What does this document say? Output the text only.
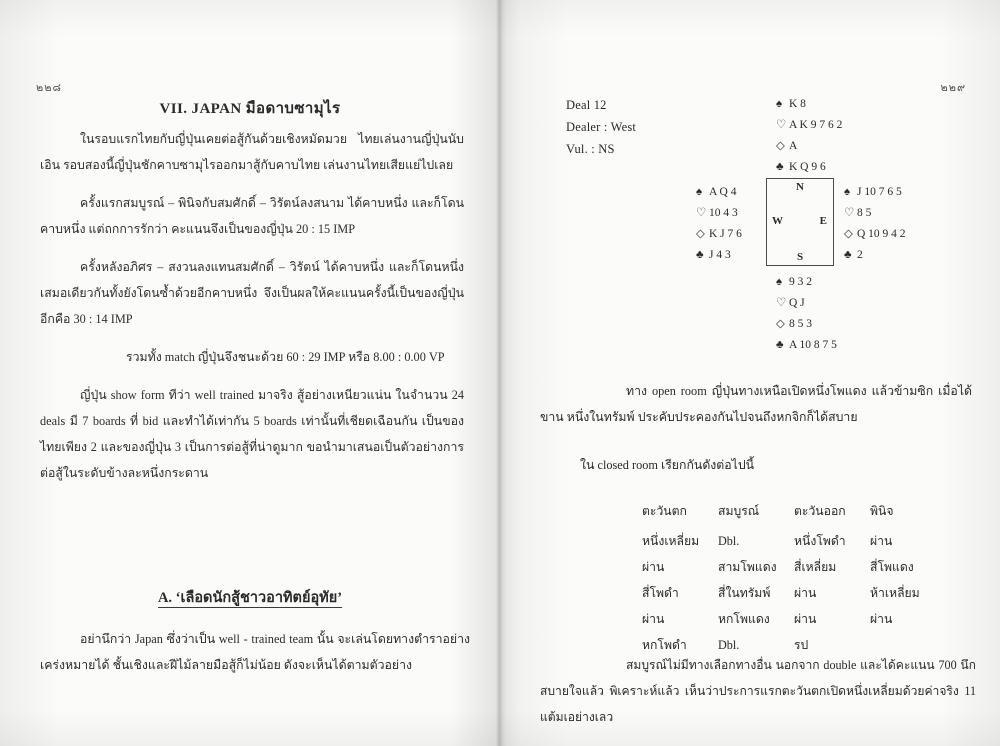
๒๒๘
VII. JAPAN มือดาบซามุไร

ในรอบแรกไทยกับญี่ปุ่นเคยต่อสู้กันด้วยเชิงหมัดมวย ไทยเล่นงานญี่ปุ่นนับเอิน รอบสองนี้ญี่ปุ่นชักคาบซามุไรออกมาสู้กับคาบไทย เล่นงานไทยเสียแย่ไปเลย

ครั้งแรกสมบูรณ์ – พินิจกับสมศักดิ์ – วิรัตน์ลงสนาม ได้คาบหนึ่ง และก็โดนคาบหนึ่ง แต่ถกการรักว่า คะแนนจึงเป็นของญี่ปุ่น 20 : 15 IMP

ครั้งหลังอภิศร – สงวนลงแทนสมศักดิ์ – วิรัตน์ ได้คาบหนึ่ง และก็โดนหนึ่งเสมอเดียวกันทั้งยังโดนซ้ำด้วยอีกคาบหนึ่ง จึงเป็นผลให้คะแนนครั้งนี้เป็นของญี่ปุ่นอีกคือ 30 : 14 IMP

รวมทั้ง match ญี่ปุ่นจึงชนะด้วย 60 : 29 IMP หรือ 8.00 : 0.00 VP

ญี่ปุ่น show form ทีว่า well trained มาจริง สู้อย่างเหนียวแน่น ในจำนวน 24 deals มี 7 boards ที่ bid และทำได้เท่ากัน 5 boards เท่านั้นที่เชียดเฉือนกัน เป็นของไทยเพียง 2 และของญี่ปุ่น 3 เป็นการต่อสู้ที่น่าดูมาก ขอนำมาเสนอเป็นตัวอย่างการต่อสู้ในระดับข้างละหนึ่งกระดาน

A. ‘เลือดนักสู้ชาวอาทิตย์อุทัย’

อย่านึกว่า Japan ซึ่งว่าเป็น well - trained team นั้น จะเล่นโดยทางตำราอย่างเคร่งหมายได้ ชั้นเชิงและฝีไม้ลายมือสู้ก็ไม่น้อย ดังจะเห็นได้ตามตัวอย่าง

๒๒๙
Deal 12
Dealer : West
Vul. : NS
♠ K 8
♡ A K 9 7 6 2
◇ A
♣ K Q 9 6
♠ A Q 4
♡ 10 4 3
◇ K J 7 6
♣ J 4 3
♠ J 10 7 6 5
♡ 8 5
◇ Q 10 9 4 2
♣ 2
♠ 9 3 2
♡ Q J
◇ 8 5 3
♣ A 10 8 7 5
N
W	E
S
ทาง open room ญี่ปุ่นทางเหนือเปิดหนึ่งโพแดง แล้วข้ามซิก เมื่อได้ขาน หนึ่งในทรัมพ์ ประคับประคองกันไปจนถึงหกจิกก็ได้สบาย
ใน closed room เรียกกันดังต่อไปนี้
ตะวันตก	สมบูรณ์	ตะวันออก	พินิจ
หนึ่งเหลี่ยม	Dbl.	หนึ่งโพดำ	ผ่าน
ผ่าน	สามโพแดง	สี่เหลี่ยม	สี่โพแดง
สี่โพดำ	สี่ในทรัมพ์	ผ่าน	ห้าเหลี่ยม
ผ่าน	หกโพแดง	ผ่าน	ผ่าน
หกโพดำ	Dbl.	รป	
สมบูรณ์ไม่มีทางเลือกทางอื่น นอกจาก double และได้คะแนน 700 นึกสบายใจแล้ว พิเคราะห์แล้ว เห็นว่าประการแรกตะวันตกเปิดหนึ่งเหลี่ยมด้วยค่าจริง 11 แต้มเอย่างเลว
